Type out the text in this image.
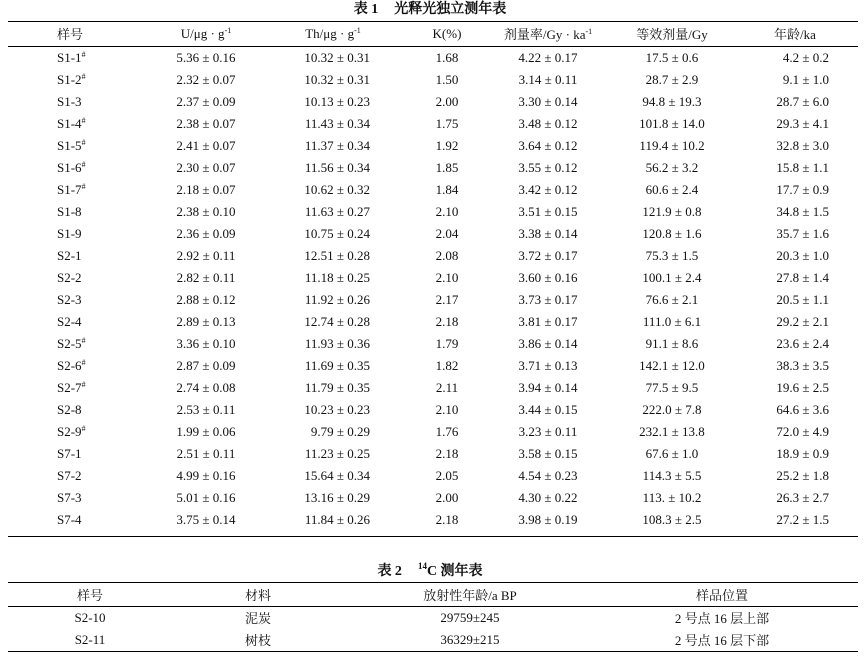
表 1 光释光独立测年表
样号	$U/\mu g \cdot g^{-1}$	$Th/\mu g \cdot g^{-1}$	K(%)	剂量率$/Gy \cdot ka^{-1}$	等效剂量/Gy	年龄/ka
S1-1#	5.36 ± 0.16	10.32 ± 0.31	1.68	4.22 ± 0.17	17.5 ± 0.6	4.2 ± 0.2
S1-2#	2.32 ± 0.07	10.32 ± 0.31	1.50	3.14 ± 0.11	28.7 ± 2.9	9.1 ± 1.0
S1-3	2.37 ± 0.09	10.13 ± 0.23	2.00	3.30 ± 0.14	94.8 ± 19.3	28.7 ± 6.0
S1-4#	2.38 ± 0.07	11.43 ± 0.34	1.75	3.48 ± 0.12	101.8 ± 14.0	29.3 ± 4.1
S1-5#	2.41 ± 0.07	11.37 ± 0.34	1.92	3.64 ± 0.12	119.4 ± 10.2	32.8 ± 3.0
S1-6#	2.30 ± 0.07	11.56 ± 0.34	1.85	3.55 ± 0.12	56.2 ± 3.2	15.8 ± 1.1
S1-7#	2.18 ± 0.07	10.62 ± 0.32	1.84	3.42 ± 0.12	60.6 ± 2.4	17.7 ± 0.9
S1-8	2.38 ± 0.10	11.63 ± 0.27	2.10	3.51 ± 0.15	121.9 ± 0.8	34.8 ± 1.5
S1-9	2.36 ± 0.09	10.75 ± 0.24	2.04	3.38 ± 0.14	120.8 ± 1.6	35.7 ± 1.6
S2-1	2.92 ± 0.11	12.51 ± 0.28	2.08	3.72 ± 0.17	75.3 ± 1.5	20.3 ± 1.0
S2-2	2.82 ± 0.11	11.18 ± 0.25	2.10	3.60 ± 0.16	100.1 ± 2.4	27.8 ± 1.4
S2-3	2.88 ± 0.12	11.92 ± 0.26	2.17	3.73 ± 0.17	76.6 ± 2.1	20.5 ± 1.1
S2-4	2.89 ± 0.13	12.74 ± 0.28	2.18	3.81 ± 0.17	111.0 ± 6.1	29.2 ± 2.1
S2-5#	3.36 ± 0.10	11.93 ± 0.36	1.79	3.86 ± 0.14	91.1 ± 8.6	23.6 ± 2.4
S2-6#	2.87 ± 0.09	11.69 ± 0.35	1.82	3.71 ± 0.13	142.1 ± 12.0	38.3 ± 3.5
S2-7#	2.74 ± 0.08	11.79 ± 0.35	2.11	3.94 ± 0.14	77.5 ± 9.5	19.6 ± 2.5
S2-8	2.53 ± 0.11	10.23 ± 0.23	2.10	3.44 ± 0.15	222.0 ± 7.8	64.6 ± 3.6
S2-9#	1.99 ± 0.06	9.79 ± 0.29	1.76	3.23 ± 0.11	232.1 ± 13.8	72.0 ± 4.9
S7-1	2.51 ± 0.11	11.23 ± 0.25	2.18	3.58 ± 0.15	67.6 ± 1.0	18.9 ± 0.9
S7-2	4.99 ± 0.16	15.64 ± 0.34	2.05	4.54 ± 0.23	114.3 ± 5.5	25.2 ± 1.8
S7-3	5.01 ± 0.16	13.16 ± 0.29	2.00	4.30 ± 0.22	113. ± 10.2	26.3 ± 2.7
S7-4	3.75 ± 0.14	11.84 ± 0.26	2.18	3.98 ± 0.19	108.3 ± 2.5	27.2 ± 1.5
表 2 $^{14}$C 测年表
样号	材料	放射性年龄/a BP	样品位置
S2-10	泥炭	29759±245	2 号点 16 层上部
S2-11	树枝	36329±215	2 号点 16 层下部
